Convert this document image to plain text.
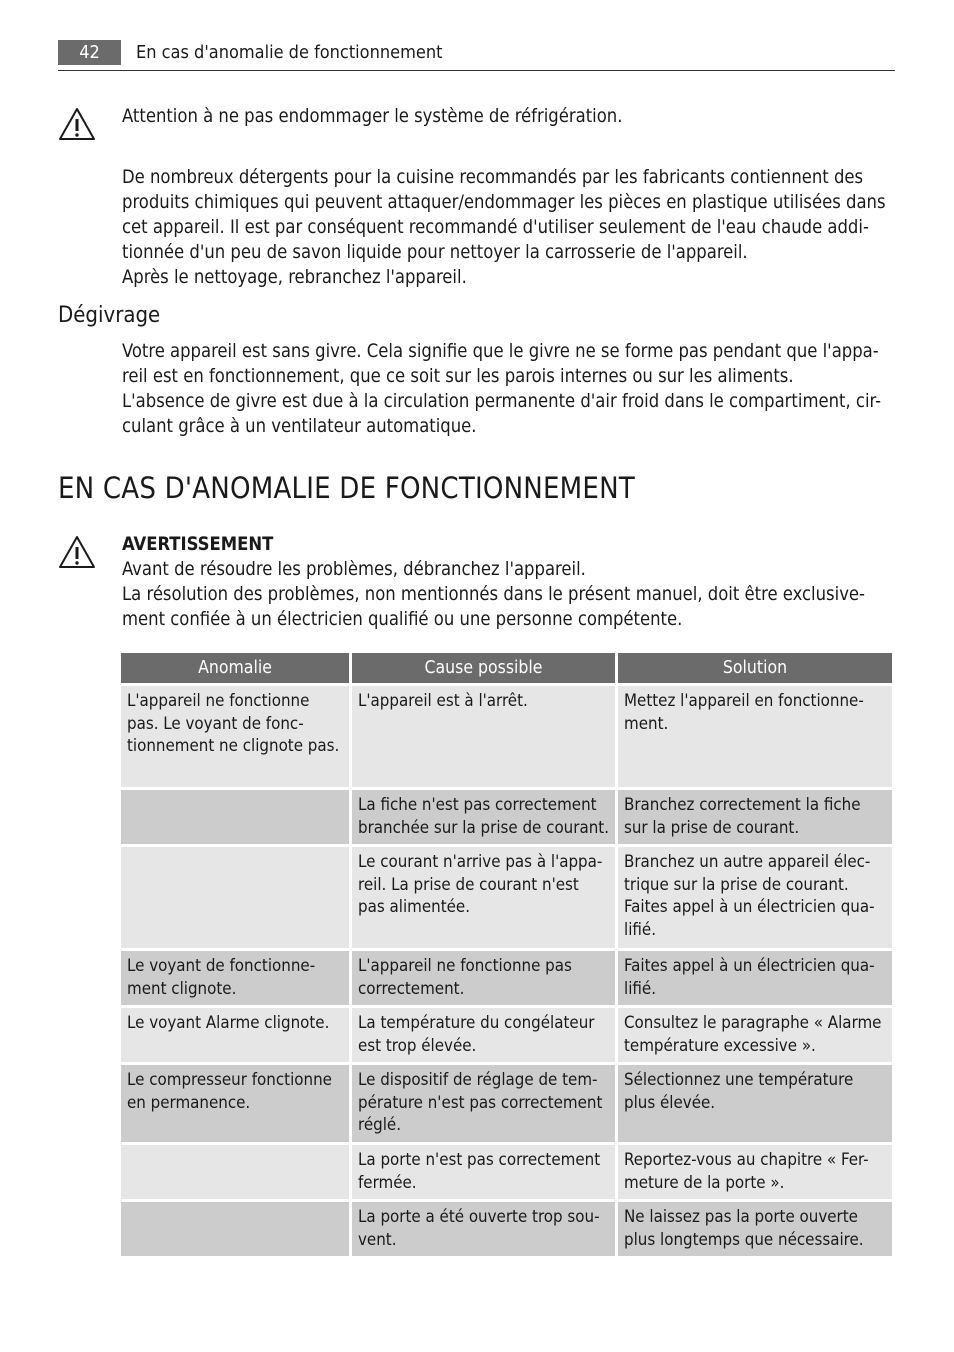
42	En cas d'anomalie de fonctionnement
Attention à ne pas endommager le système de réfrigération.

De nombreux détergents pour la cuisine recommandés par les fabricants contiennent des produits chimiques qui peuvent attaquer/endommager les pièces en plastique utilisées dans cet appareil. Il est par conséquent recommandé d'utiliser seulement de l'eau chaude addi-tionnée d'un peu de savon liquide pour nettoyer la carrosserie de l'appareil.

Après le nettoyage, rebranchez l'appareil.

Dégivrage

Votre appareil est sans givre. Cela signifie que le givre ne se forme pas pendant que l'appa-reil est en fonctionnement, que ce soit sur les parois internes ou sur les aliments.

L'absence de givre est due à la circulation permanente d'air froid dans le compartiment, cir-culant grâce à un ventilateur automatique.

EN CAS D'ANOMALIE DE FONCTIONNEMENT

AVERTISSEMENT

Avant de résoudre les problèmes, débranchez l'appareil.

La résolution des problèmes, non mentionnés dans le présent manuel, doit être exclusive-ment confiée à un électricien qualifié ou une personne compétente.

Anomalie	Cause possible	Solution
L'appareil ne fonctionne pas. Le voyant de fonc-tionnement ne clignote pas.	L'appareil est à l'arrêt.	Mettez l'appareil en fonctionne-ment.
	La fiche n'est pas correctement branchée sur la prise de courant.	Branchez correctement la fiche sur la prise de courant.
	Le courant n'arrive pas à l'appa-reil. La prise de courant n'est pas alimentée.	Branchez un autre appareil élec-trique sur la prise de courant. Faites appel à un électricien qua-lifié.
Le voyant de fonctionne-ment clignote.	L'appareil ne fonctionne pas correctement.	Faites appel à un électricien qua-lifié.
Le voyant Alarme clignote.	La température du congélateur est trop élevée.	Consultez le paragraphe « Alarme température excessive ».
Le compresseur fonctionne en permanence.	Le dispositif de réglage de tem-pérature n'est pas correctement réglé.	Sélectionnez une température plus élevée.
	La porte n'est pas correctement fermée.	Reportez-vous au chapitre « Fer-meture de la porte ».
	La porte a été ouverte trop sou-vent.	Ne laissez pas la porte ouverte plus longtemps que nécessaire.
